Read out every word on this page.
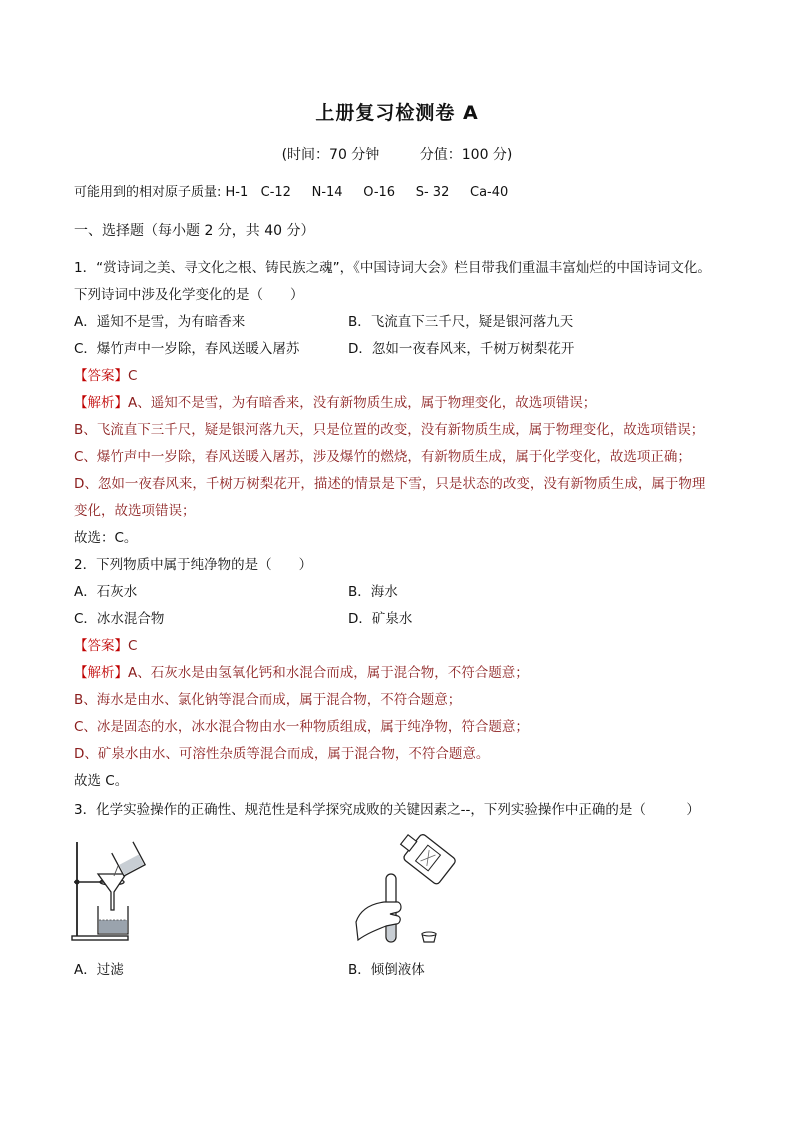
上册复习检测卷 A
(时间：70 分钟	分值：100 分)
可能用到的相对原子质量: H-1   C-12     N-14     O-16     S- 32     Ca-40
一、选择题（每小题 2 分，共 40 分）
1．“赏诗词之美、寻文化之根、铸民族之魂”，《中国诗词大会》栏目带我们重温丰富灿烂的中国诗词文化。
下列诗词中涉及化学变化的是（　　）
A．遥知不是雪，为有暗香来	B．飞流直下三千尺，疑是银河落九天
C．爆竹声中一岁除，春风送暖入屠苏	D．忽如一夜春风来，千树万树梨花开
【答案】C
【解析】A、遥知不是雪，为有暗香来，没有新物质生成，属于物理变化，故选项错误；
B、飞流直下三千尺，疑是银河落九天，只是位置的改变，没有新物质生成，属于物理变化，故选项错误；
C、爆竹声中一岁除，春风送暖入屠苏，涉及爆竹的燃烧，有新物质生成，属于化学变化，故选项正确；
D、忽如一夜春风来，千树万树梨花开，描述的情景是下雪，只是状态的改变，没有新物质生成，属于物理
变化，故选项错误；
故选：C。
2．下列物质中属于纯净物的是（　　）
A．石灰水	B．海水
C．冰水混合物	D．矿泉水
【答案】C
【解析】A、石灰水是由氢氧化钙和水混合而成，属于混合物，不符合题意；
B、海水是由水、氯化钠等混合而成，属于混合物，不符合题意；
C、冰是固态的水，冰水混合物由水一种物质组成，属于纯净物，符合题意；
D、矿泉水由水、可溶性杂质等混合而成，属于混合物，不符合题意。
故选 C。
3．化学实验操作的正确性、规范性是科学探究成败的关键因素之--，下列实验操作中正确的是（　　　）
A．过滤	B．倾倒液体
